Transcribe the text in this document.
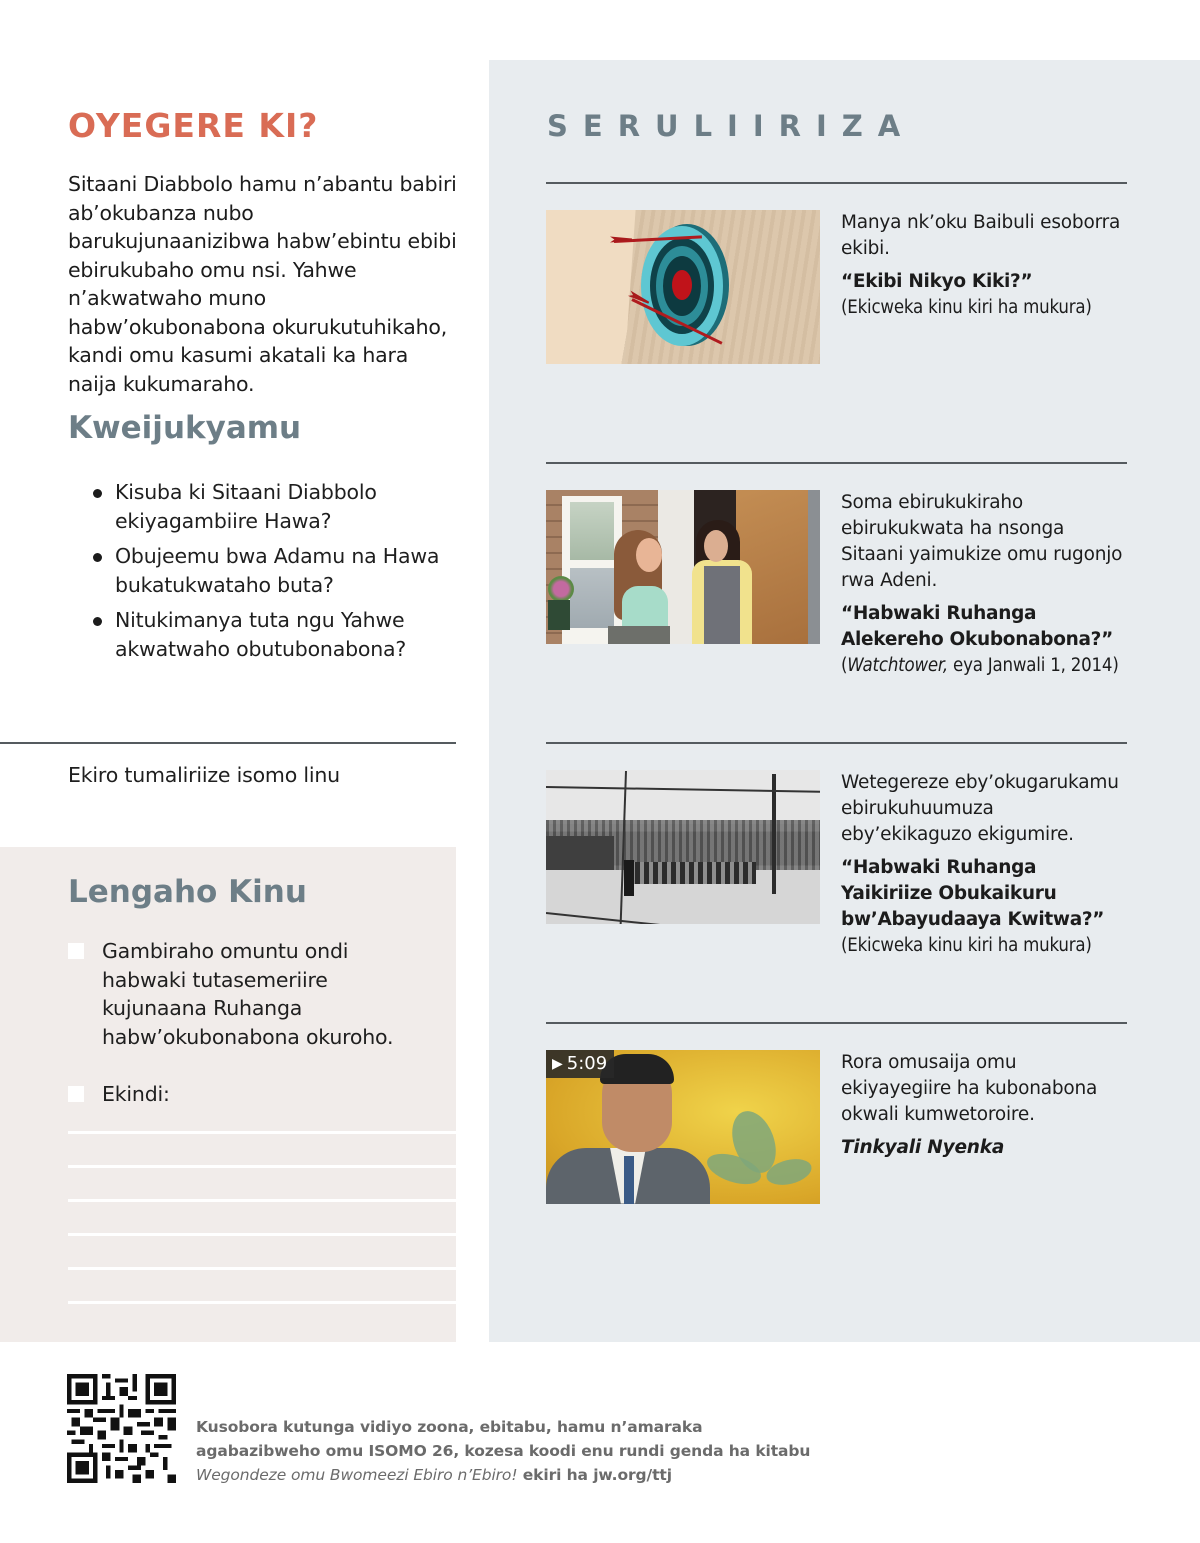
OYEGERE KI?

Sitaani Diabbolo hamu n’abantu babiri ab’okubanza nubo barukujunaanizibwa habw’ebintu ebibi ebirukubaho omu nsi. Yahwe n’akwatwaho muno habw’okubonabona okurukutuhikaho, kandi omu kasumi akatali ka hara naija kukumaraho.

Kweijukyamu
Kisuba ki Sitaani Diabbolo ekiyagambiire Hawa?
Obujeemu bwa Adamu na Hawa bukatukwataho buta?
Nitukimanya tuta ngu Yahwe akwatwaho obutubonabona?
Ekiro tumaliriize isomo linu
Lengaho Kinu
Gambiraho omuntu ondi habwaki tutasemeriire kujunaana Ruhanga habw’okubonabona okuroho.
Ekindi:
SERULIIRIZA

Manya nk’oku Baibuli esoborra ekibi.

“Ekibi Nikyo Kiki?”
(Ekicweka kinu kiri ha mukura)

Soma ebirukukiraho ebirukukwata ha nsonga Sitaani yaimukize omu rugonjo rwa Adeni.

“Habwaki Ruhanga Alekereho Okubonabona?” (Watchtower, eya Janwali 1, 2014)

Wetegereze eby’okugarukamu ebirukuhuumuza eby’ekikaguzo ekigumire.

“Habwaki Ruhanga Yaikiriize Obukaikuru bw’Abayudaaya Kwitwa?” (Ekicweka kinu kiri ha mukura)

▶ 5:09	Rora omusaija omu ekiyayegiire ha kubonabona okwali kumwetoroire.

Tinkyali Nyenka

Kusobora kutunga vidiyo zoona, ebitabu, hamu n’amaraka agabazibweho omu ISOMO 26, kozesa koodi enu rundi genda ha kitabu Wegondeze omu Bwomeezi Ebiro n’Ebiro! ekiri ha jw.org/ttj
